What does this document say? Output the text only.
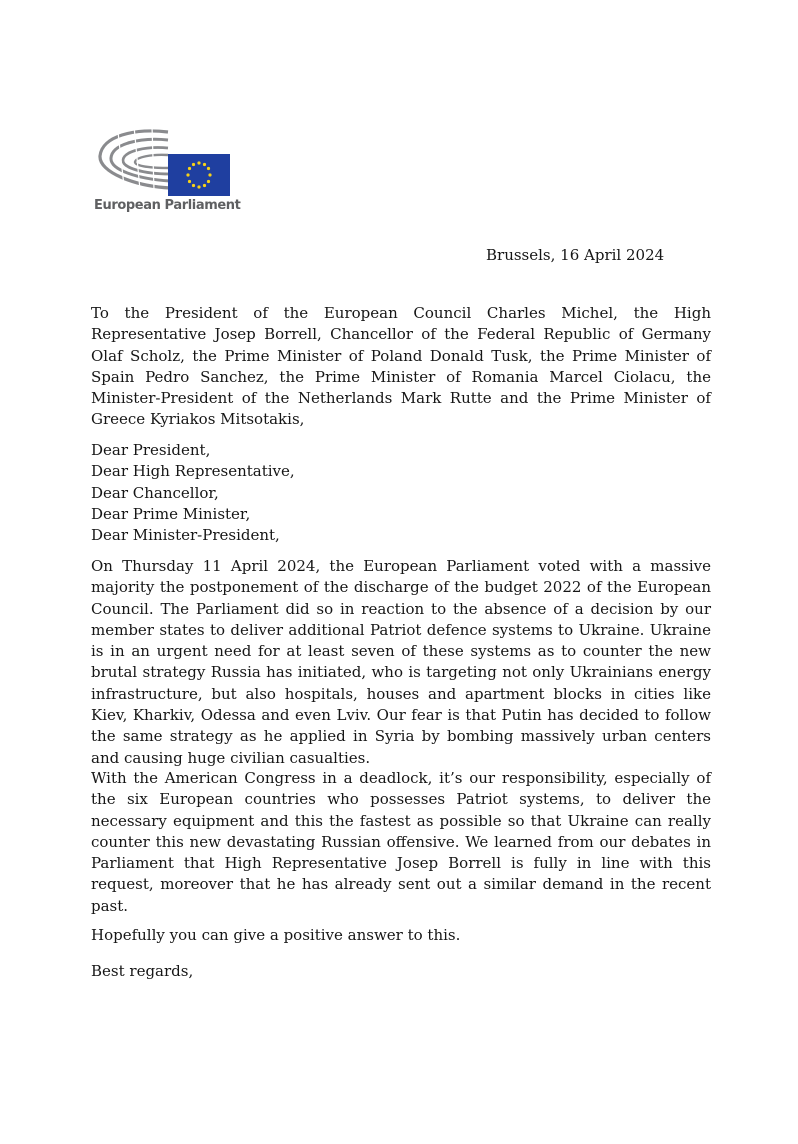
European Parliament
Brussels, 16 April 2024
To the President of the European Council Charles Michel, the High Representative Josep Borrell, Chancellor of the Federal Republic of Germany Olaf Scholz, the Prime Minister of Poland Donald Tusk, the Prime Minister of Spain Pedro Sanchez, the Prime Minister of Romania Marcel Ciolacu, the Minister-President of the Netherlands Mark Rutte and the Prime Minister of Greece Kyriakos Mitsotakis,
Dear President,
Dear High Representative,
Dear Chancellor,
Dear Prime Minister,
Dear Minister-President,
On Thursday 11 April 2024, the European Parliament voted with a massive majority the postponement of the discharge of the budget 2022 of the European Council. The Parliament did so in reaction to the absence of a decision by our member states to deliver additional Patriot defence systems to Ukraine. Ukraine is in an urgent need for at least seven of these systems as to counter the new brutal strategy Russia has initiated, who is targeting not only Ukrainians energy infrastructure, but also hospitals, houses and apartment blocks in cities like Kiev, Kharkiv, Odessa and even Lviv. Our fear is that Putin has decided to follow the same strategy as he applied in Syria by bombing massively urban centers and causing huge civilian casualties.
With the American Congress in a deadlock, it’s our responsibility, especially of the six European countries who possesses Patriot systems, to deliver the necessary equipment and this the fastest as possible so that Ukraine can really counter this new devastating Russian offensive. We learned from our debates in Parliament that High Representative Josep Borrell is fully in line with this request, moreover that he has already sent out a similar demand in the recent past.
Hopefully you can give a positive answer to this.
Best regards,
